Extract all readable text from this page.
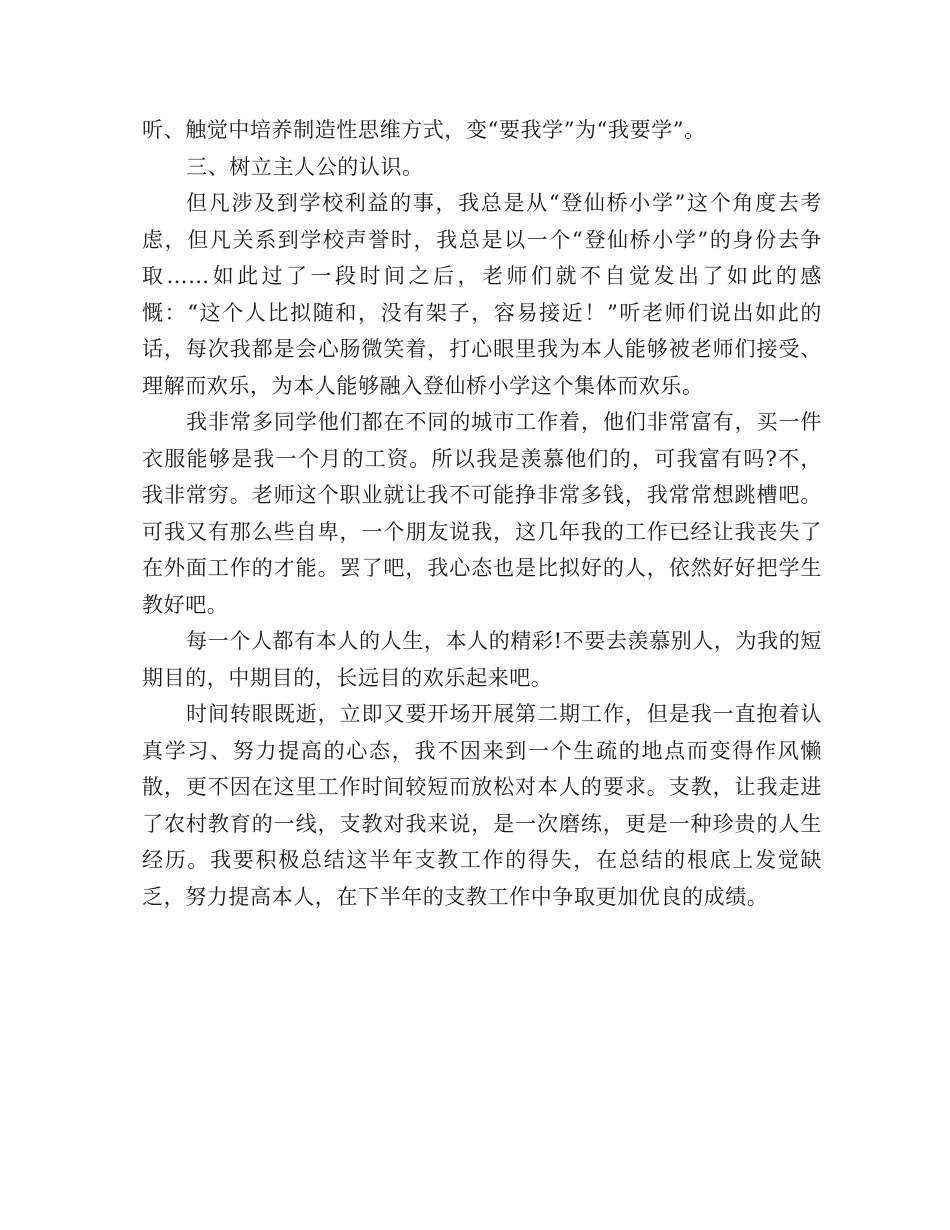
听、触觉中培养制造性思维方式，变“要我学”为“我要学”。

三、树立主人公的认识。

但凡涉及到学校利益的事，我总是从“登仙桥小学”这个角度去考虑，但凡关系到学校声誉时，我总是以一个“登仙桥小学”的身份去争取……如此过了一段时间之后，老师们就不自觉发出了如此的感慨：“这个人比拟随和，没有架子，容易接近！”听老师们说出如此的话，每次我都是会心肠微笑着，打心眼里我为本人能够被老师们接受、理解而欢乐，为本人能够融入登仙桥小学这个集体而欢乐。

我非常多同学他们都在不同的城市工作着，他们非常富有，买一件衣服能够是我一个月的工资。所以我是羡慕他们的，可我富有吗?不，我非常穷。老师这个职业就让我不可能挣非常多钱，我常常想跳槽吧。可我又有那么些自卑，一个朋友说我，这几年我的工作已经让我丧失了在外面工作的才能。罢了吧，我心态也是比拟好的人，依然好好把学生教好吧。

每一个人都有本人的人生，本人的精彩!不要去羡慕别人，为我的短期目的，中期目的，长远目的欢乐起来吧。

时间转眼既逝，立即又要开场开展第二期工作，但是我一直抱着认真学习、努力提高的心态，我不因来到一个生疏的地点而变得作风懒散，更不因在这里工作时间较短而放松对本人的要求。支教，让我走进了农村教育的一线，支教对我来说，是一次磨练，更是一种珍贵的人生经历。我要积极总结这半年支教工作的得失，在总结的根底上发觉缺乏，努力提高本人，在下半年的支教工作中争取更加优良的成绩。
